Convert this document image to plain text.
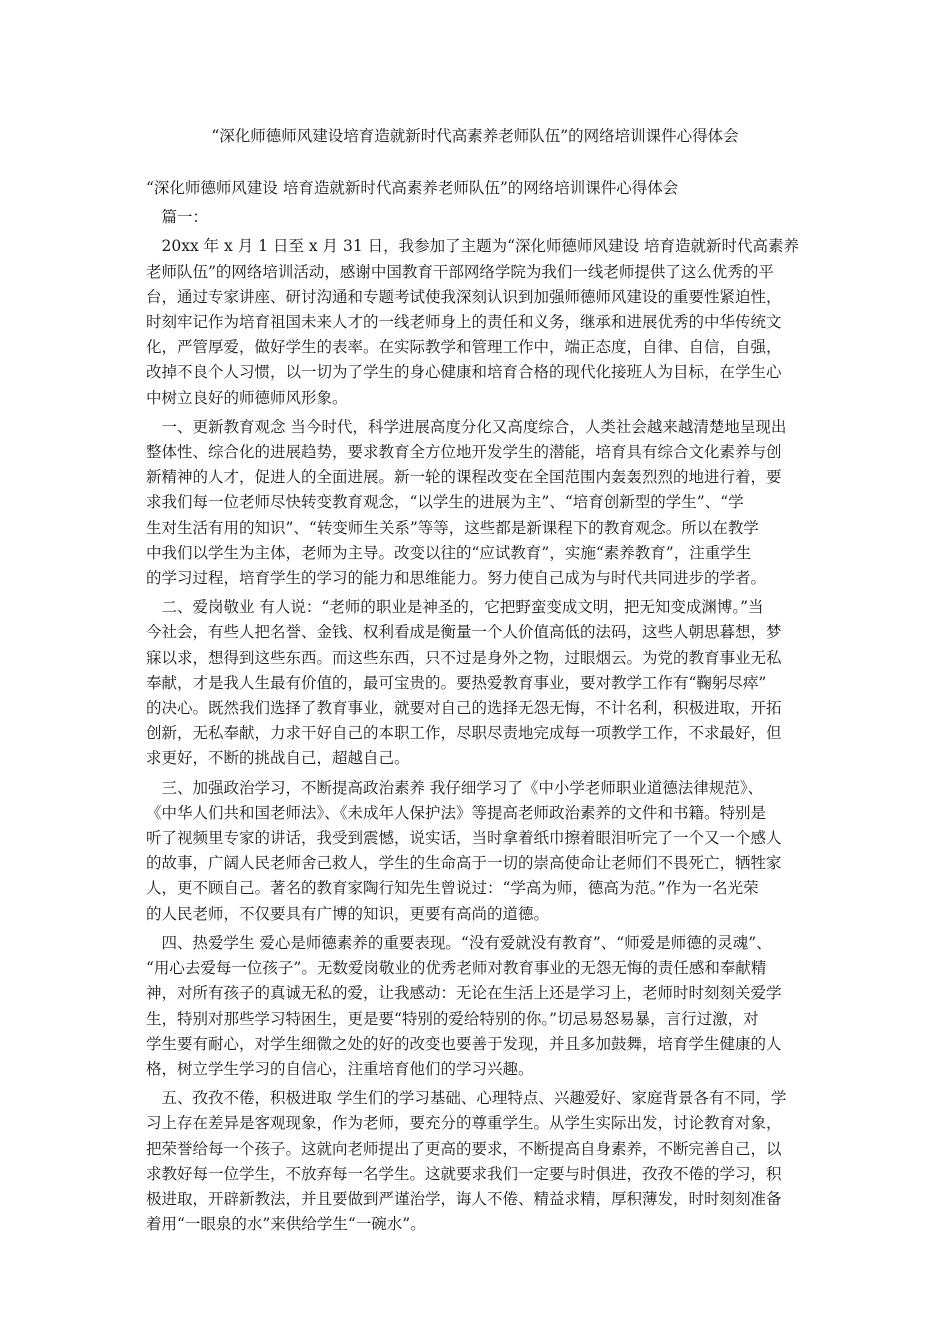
“深化师德师风建设培育造就新时代高素养老师队伍”的网络培训课件心得体会

“深化师德师风建设 培育造就新时代高素养老师队伍”的网络培训课件心得体会

　篇一：

　20xx 年 x 月 1 日至 x 月 31 日，我参加了主题为“深化师德师风建设 培育造就新时代高素养

老师队伍”的网络培训活动，感谢中国教育干部网络学院为我们一线老师提供了这么优秀的平

台，通过专家讲座、研讨沟通和专题考试使我深刻认识到加强师德师风建设的重要性紧迫性，

时刻牢记作为培育祖国未来人才的一线老师身上的责任和义务，继承和进展优秀的中华传统文

化，严管厚爱，做好学生的表率。在实际教学和管理工作中，端正态度，自律、自信，自强，

改掉不良个人习惯，以一切为了学生的身心健康和培育合格的现代化接班人为目标，在学生心

中树立良好的师德师风形象。

　一、更新教育观念 当今时代，科学进展高度分化又高度综合，人类社会越来越清楚地呈现出

整体性、综合化的进展趋势，要求教育全方位地开发学生的潜能，培育具有综合文化素养与创

新精神的人才，促进人的全面进展。新一轮的课程改变在全国范围内轰轰烈烈的地进行着，要

求我们每一位老师尽快转变教育观念，“以学生的进展为主”、“培育创新型的学生”、“学

生对生活有用的知识”、“转变师生关系”等等，这些都是新课程下的教育观念。所以在教学

中我们以学生为主体，老师为主导。改变以往的“应试教育”，实施“素养教育”，注重学生

的学习过程，培育学生的学习的能力和思维能力。努力使自己成为与时代共同进步的学者。

　二、爱岗敬业 有人说：“老师的职业是神圣的，它把野蛮变成文明，把无知变成渊博。”当

今社会，有些人把名誉、金钱、权利看成是衡量一个人价值高低的法码，这些人朝思暮想，梦

寐以求，想得到这些东西。而这些东西，只不过是身外之物，过眼烟云。为党的教育事业无私

奉献，才是我人生最有价值的，最可宝贵的。要热爱教育事业，要对教学工作有“鞠躬尽瘁”

的决心。既然我们选择了教育事业，就要对自己的选择无怨无悔，不计名利，积极进取，开拓

创新，无私奉献，力求干好自己的本职工作，尽职尽责地完成每一项教学工作，不求最好，但

求更好，不断的挑战自己，超越自己。

　三、加强政治学习，不断提高政治素养 我仔细学习了《中小学老师职业道德法律规范》、

《中华人们共和国老师法》、《未成年人保护法》等提高老师政治素养的文件和书籍。特别是

听了视频里专家的讲话，我受到震憾，说实话，当时拿着纸巾擦着眼泪听完了一个又一个感人

的故事，广阔人民老师舍己救人，学生的生命高于一切的崇高使命让老师们不畏死亡，牺牲家

人，更不顾自己。著名的教育家陶行知先生曾说过：“学高为师，德高为范。”作为一名光荣

的人民老师，不仅要具有广博的知识，更要有高尚的道德。

　四、热爱学生 爱心是师德素养的重要表现。“没有爱就没有教育”、“师爱是师德的灵魂”、

“用心去爱每一位孩子”。无数爱岗敬业的优秀老师对教育事业的无怨无悔的责任感和奉献精

神，对所有孩子的真诚无私的爱，让我感动：无论在生活上还是学习上，老师时时刻刻关爱学

生，特别对那些学习特困生，更是要“特别的爱给特别的你。”切忌易怒易暴，言行过激，对

学生要有耐心，对学生细微之处的好的改变也要善于发现，并且多加鼓舞，培育学生健康的人

格，树立学生学习的自信心，注重培育他们的学习兴趣。

　五、孜孜不倦，积极进取 学生们的学习基础、心理特点、兴趣爱好、家庭背景各有不同，学

习上存在差异是客观现象，作为老师，要充分的尊重学生。从学生实际出发，讨论教育对象，

把荣誉给每一个孩子。这就向老师提出了更高的要求，不断提高自身素养，不断完善自己，以

求教好每一位学生，不放弃每一名学生。这就要求我们一定要与时俱进，孜孜不倦的学习，积

极进取，开辟新教法，并且要做到严谨治学，诲人不倦、精益求精，厚积薄发，时时刻刻准备

着用“一眼泉的水”来供给学生“一碗水”。
